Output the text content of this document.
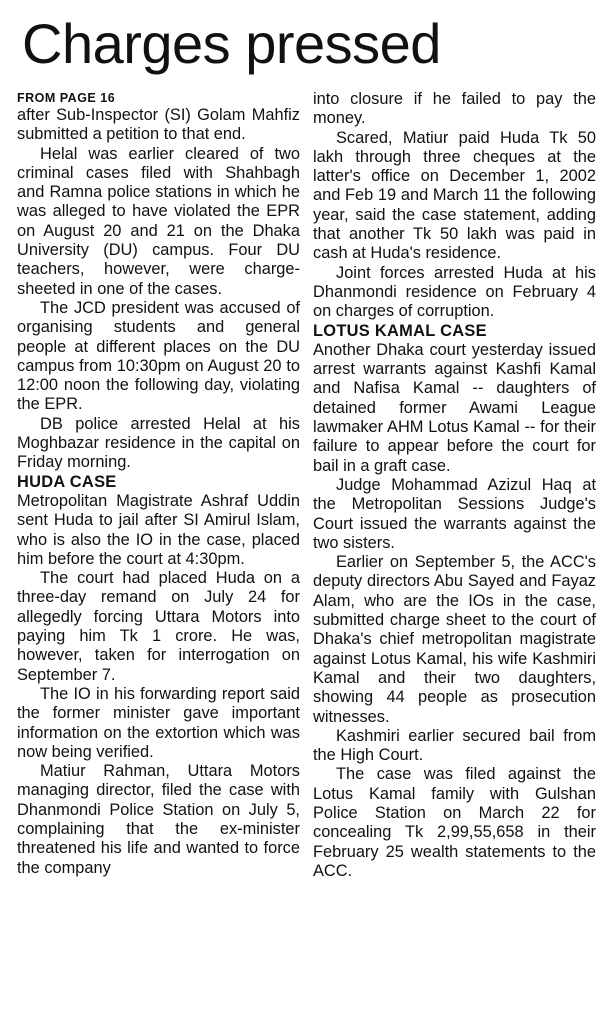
Charges pressed
FROM PAGE 16

after Sub-Inspector (SI) Golam Mahfiz submitted a petition to that end.

Helal was earlier cleared of two criminal cases filed with Shahbagh and Ramna police stations in which he was alleged to have violated the EPR on August 20 and 21 on the Dhaka University (DU) campus. Four DU teachers, however, were charge-sheeted in one of the cases.

The JCD president was accused of organising students and general people at different places on the DU campus from 10:30pm on August 20 to 12:00 noon the following day, violating the EPR.

DB police arrested Helal at his Moghbazar residence in the capital on Friday morning.

HUDA CASE

Metropolitan Magistrate Ashraf Uddin sent Huda to jail after SI Amirul Islam, who is also the IO in the case, placed him before the court at 4:30pm.

The court had placed Huda on a three-day remand on July 24 for allegedly forcing Uttara Motors into paying him Tk 1 crore. He was, however, taken for interrogation on September 7.

The IO in his forwarding report said the former minister gave important information on the extortion which was now being verified.

Matiur Rahman, Uttara Motors managing director, filed the case with Dhanmondi Police Station on July 5, complaining that the ex-minister threatened his life and wanted to force the company

into closure if he failed to pay the money.

Scared, Matiur paid Huda Tk 50 lakh through three cheques at the latter's office on December 1, 2002 and Feb 19 and March 11 the following year, said the case statement, adding that another Tk 50 lakh was paid in cash at Huda's residence.

Joint forces arrested Huda at his Dhanmondi residence on February 4 on charges of corruption.

LOTUS KAMAL CASE

Another Dhaka court yesterday issued arrest warrants against Kashfi Kamal and Nafisa Kamal -- daughters of detained former Awami League lawmaker AHM Lotus Kamal -- for their failure to appear before the court for bail in a graft case.

Judge Mohammad Azizul Haq at the Metropolitan Sessions Judge's Court issued the warrants against the two sisters.

Earlier on September 5, the ACC's deputy directors Abu Sayed and Fayaz Alam, who are the IOs in the case, submitted charge sheet to the court of Dhaka's chief metropolitan magistrate against Lotus Kamal, his wife Kashmiri Kamal and their two daughters, showing 44 people as prosecution witnesses.

Kashmiri earlier secured bail from the High Court.

The case was filed against the Lotus Kamal family with Gulshan Police Station on March 22 for concealing Tk 2,99,55,658 in their February 25 wealth statements to the ACC.
